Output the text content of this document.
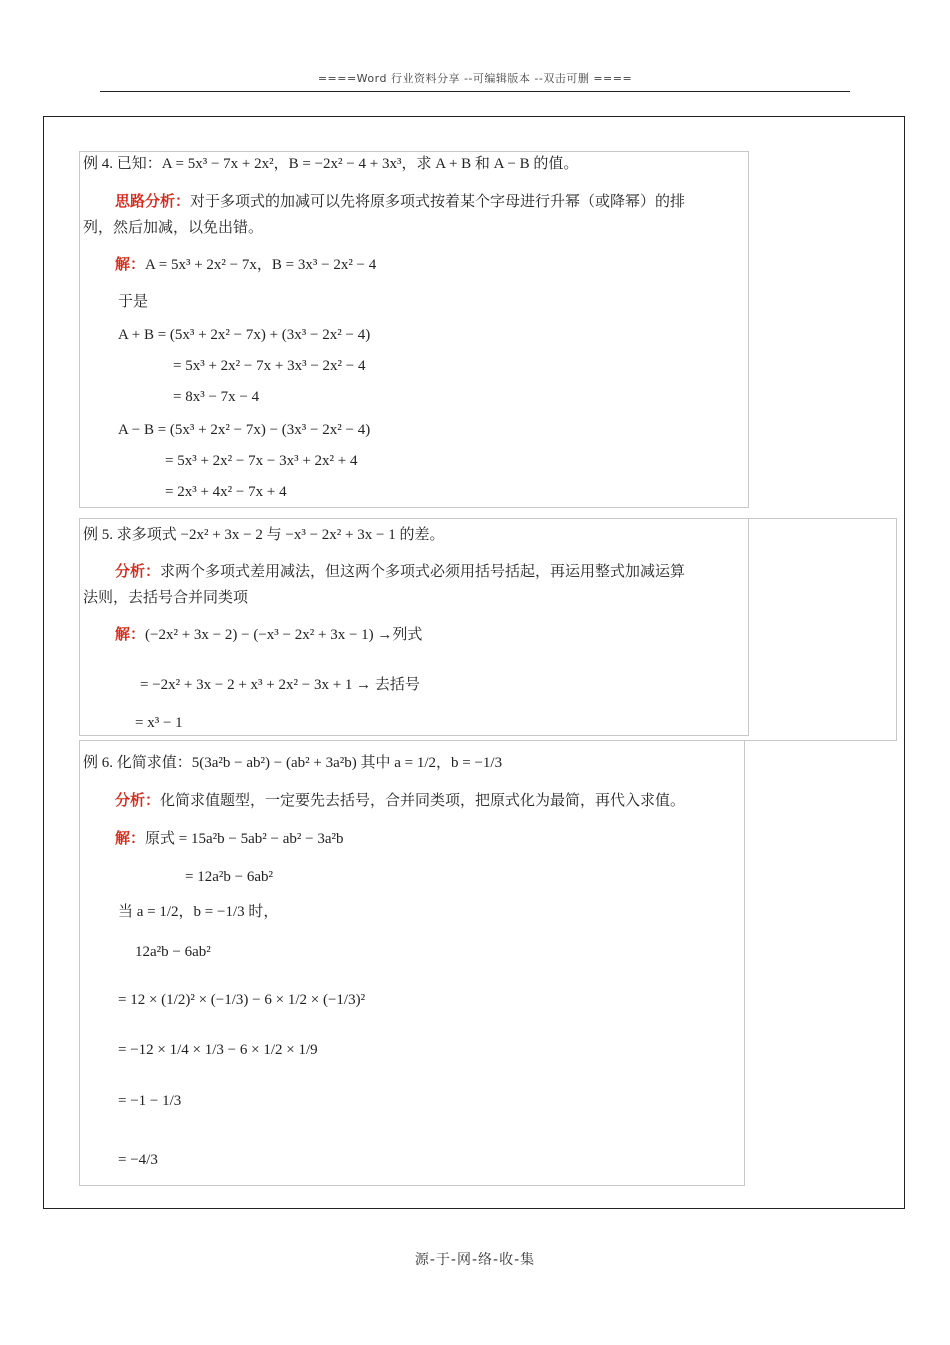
====Word 行业资料分享 --可编辑版本 --双击可删 ====
例 4. 已知：A = 5x³ − 7x + 2x²，B = −2x² − 4 + 3x³，求 A + B 和 A − B 的值。
思路分析：对于多项式的加减可以先将原多项式按着某个字母进行升幂（或降幂）的排
列，然后加减，以免出错。
解：A = 5x³ + 2x² − 7x，B = 3x³ − 2x² − 4
于是
A + B = (5x³ + 2x² − 7x) + (3x³ − 2x² − 4)
= 5x³ + 2x² − 7x + 3x³ − 2x² − 4
= 8x³ − 7x − 4
A − B = (5x³ + 2x² − 7x) − (3x³ − 2x² − 4)
= 5x³ + 2x² − 7x − 3x³ + 2x² + 4
= 2x³ + 4x² − 7x + 4
例 5. 求多项式 −2x² + 3x − 2 与 −x³ − 2x² + 3x − 1 的差。
分析：求两个多项式差用减法，但这两个多项式必须用括号括起，再运用整式加减运算
法则，去括号合并同类项
解：(−2x² + 3x − 2) − (−x³ − 2x² + 3x − 1) →列式
= −2x² + 3x − 2 + x³ + 2x² − 3x + 1 → 去括号
= x³ − 1
例 6. 化简求值：5(3a²b − ab²) − (ab² + 3a²b) 其中 a = 1/2，b = −1/3
分析：化简求值题型，一定要先去括号，合并同类项，把原式化为最简，再代入求值。
解：原式 = 15a²b − 5ab² − ab² − 3a²b
= 12a²b − 6ab²
当 a = 1/2，b = −1/3 时，
12a²b − 6ab²
= 12 × (1/2)² × (−1/3) − 6 × 1/2 × (−1/3)²
= −12 × 1/4 × 1/3 − 6 × 1/2 × 1/9
= −1 − 1/3
= −4/3
源-于-网-络-收-集
